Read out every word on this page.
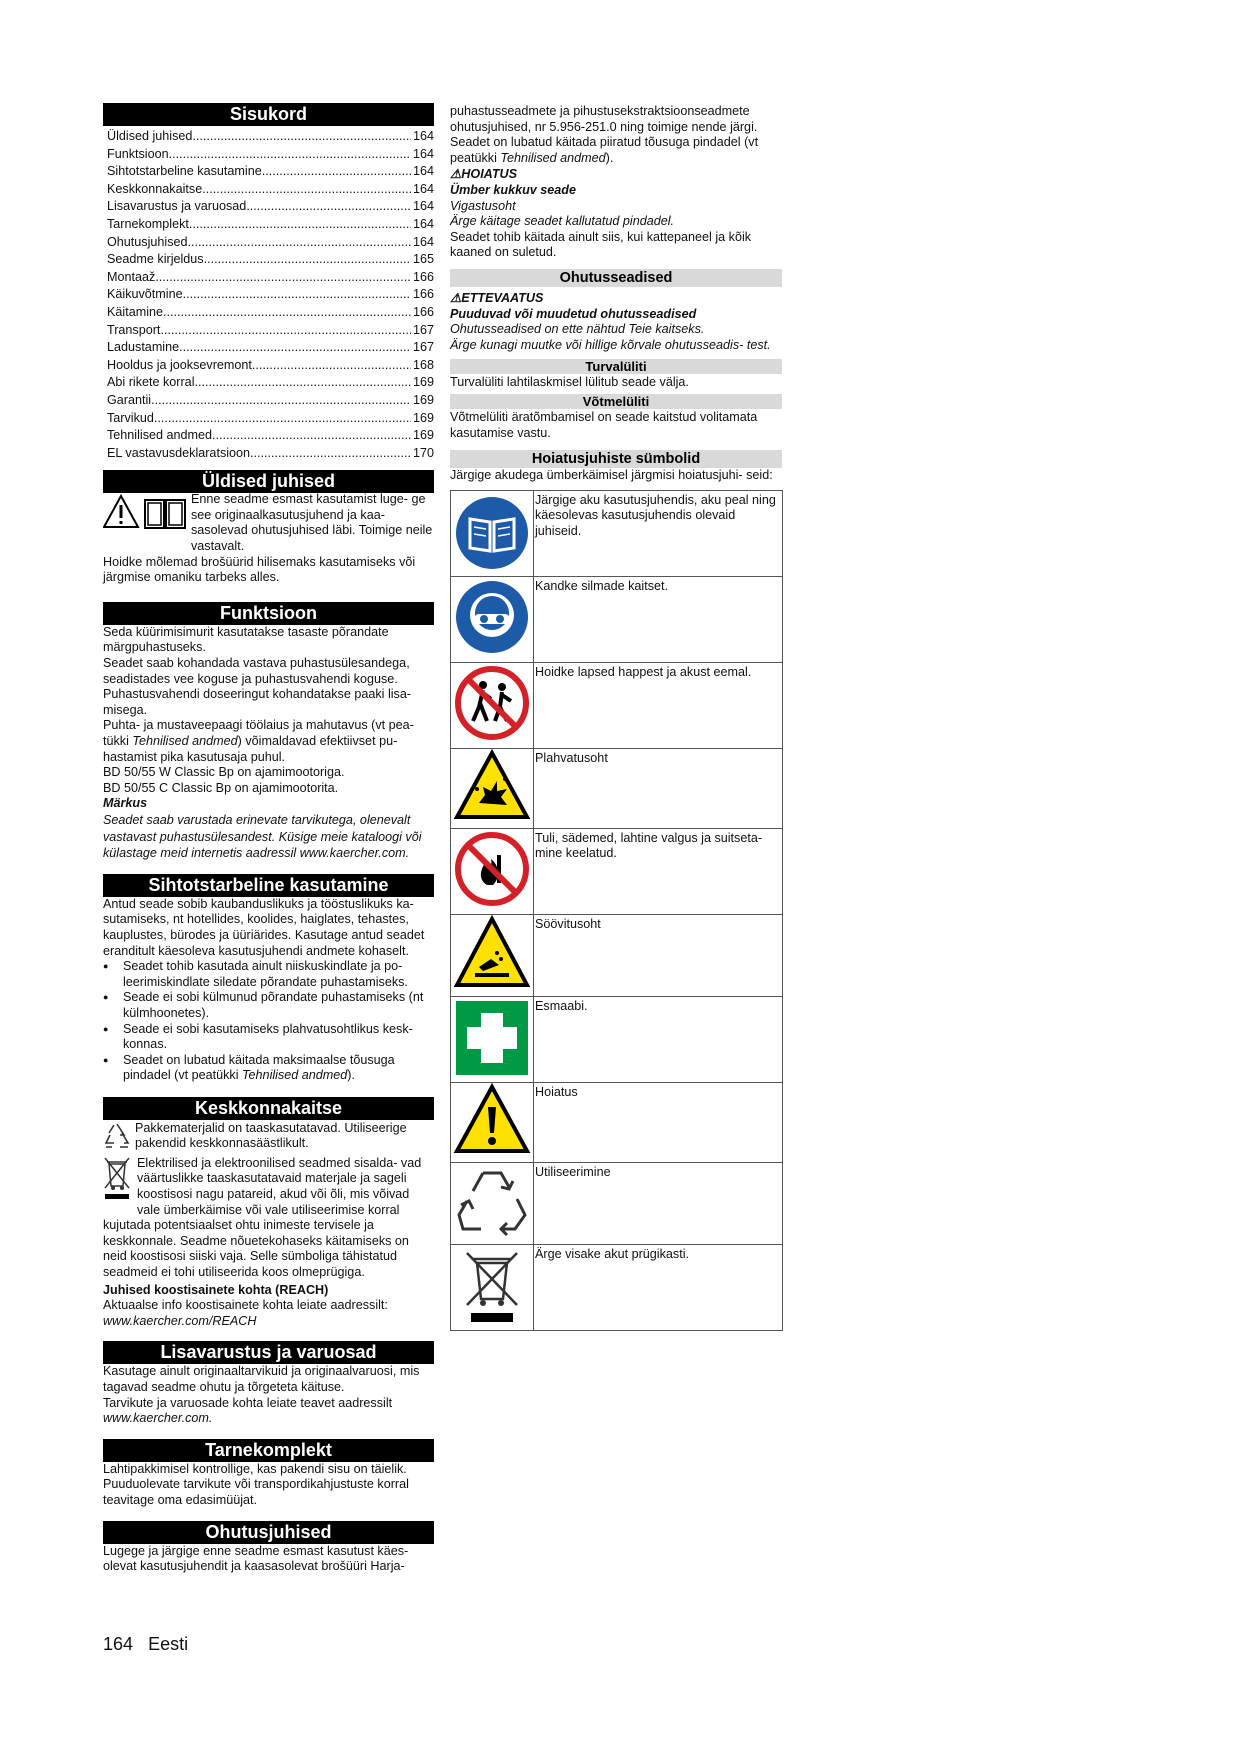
Sisukord
Üldised juhised .....	164
Funktsioon .....	164
Sihtotstarbeline kasutamine .....	164
Keskkonnakaitse .....	164
Lisavarustus ja varuosad .....	164
Tarnekomplekt .....	164
Ohutusjuhised .....	164
Seadme kirjeldus .....	165
Montaaž .....	166
Käikuvõtmine .....	166
Käitamine .....	166
Transport .....	167
Ladustamine .....	167
Hooldus ja jooksevremont .....	168
Abi rikete korral .....	169
Garantii .....	169
Tarvikud .....	169
Tehnilised andmed .....	169
EL vastavusdeklaratsioon .....	170
Üldised juhised

Enne seadme esmast kasutamist luge- ge see originaalkasutusjuhend ja kaa- sasolevad ohutusjuhised läbi. Toimige neile vastavalt.

Hoidke mõlemad brošüürid hilisemaks kasutamiseks või järgmise omaniku tarbeks alles.

Funktsioon

Seda küürimisimurit kasutatakse tasaste põrandate märgpuhastuseks.

Seadet saab kohandada vastava puhastusülesandega, seadistades vee koguse ja puhastusvahendi koguse.

Puhastusvahendi doseeringut kohandatakse paaki lisa- misega.

Puhta- ja mustaveepaagi töölaius ja mahutavus (vt pea- tükki Tehnilised andmed) võimaldavad efektiivset pu- hastamist pika kasutusaja puhul.

BD 50/55 W Classic Bp on ajamimootoriga.

BD 50/55 C Classic Bp on ajamimootorita.

Märkus

Seadet saab varustada erinevate tarvikutega, olenevalt vastavast puhastusülesandest. Küsige meie kataloogi või külastage meid internetis aadressil www.kaercher.com.

Sihtotstarbeline kasutamine

Antud seade sobib kaubanduslikuks ja tööstuslikuks ka- sutamiseks, nt hotellides, koolides, haiglates, tehastes, kauplustes, bürodes ja üüriärides. Kasutage antud seadet eranditult käesoleva kasutusjuhendi andmete kohaselt.

● Seadet tohib kasutada ainult niiskuskindlate ja po- leerimiskindlate siledate põrandate puhastamiseks.
● Seade ei sobi külmunud põrandate puhastamiseks (nt külmhoonetes).
● Seade ei sobi kasutamiseks plahvatusohtlikus kesk- konnas.
● Seadet on lubatud käitada maksimaalse tõusuga pindadel (vt peatükki Tehnilised andmed).
Keskkonnakaitse

Pakkematerjalid on taaskasutatavad. Utiliseerige pakendid keskkonnasäästlikult.

Elektrilised ja elektroonilised seadmed sisalda- vad väärtuslikke taaskasutatavaid materjale ja sageli koostisosi nagu patareid, akud või õli, mis võivad vale ümberkäimise või vale utiliseerimise korral kujutada potentsiaalset ohtu inimeste tervisele ja keskkonnale. Seadme nõuetekohaseks käitamiseks on neid koostisosi siiski vaja. Selle sümboliga tähistatud seadmeid ei tohi utiliseerida koos olmeprügiga.

Juhised koostisainete kohta (REACH)

Aktuaalse info koostisainete kohta leiate aadressilt:

www.kaercher.com/REACH

Lisavarustus ja varuosad

Kasutage ainult originaaltarvikuid ja originaalvaruosi, mis tagavad seadme ohutu ja tõrgeteta käituse.

Tarvikute ja varuosade kohta leiate teavet aadressilt

www.kaercher.com.

Tarnekomplekt

Lahtipakkimisel kontrollige, kas pakendi sisu on täielik. Puuduolevate tarvikute või transpordikahjustuste korral teavitage oma edasimüüjat.

Ohutusjuhised

Lugege ja järgige enne seadme esmast kasutust käes- olevat kasutusjuhendit ja kaasasolevat brošüüri Harja-

puhastusseadmete ja pihustusekstraktsioonseadmete ohutusjuhised, nr 5.956-251.0 ning toimige nende järgi.

Seadet on lubatud käitada piiratud tõusuga pindadel (vt peatükki Tehnilised andmed).

⚠HOIATUS

Ümber kukkuv seade

Vigastusoht

Ärge käitage seadet kallutatud pindadel.

Seadet tohib käitada ainult siis, kui kattepaneel ja kõik kaaned on suletud.

Ohutusseadised

⚠ETTEVAATUS

Puuduvad või muudetud ohutusseadised

Ohutusseadised on ette nähtud Teie kaitseks.

Ärge kunagi muutke või hillige kõrvale ohutusseadis- test.

Turvalüliti

Turvalüliti lahtilaskmisel lülitub seade välja.

Võtmelüliti

Võtmelüliti äratõmbamisel on seade kaitstud volitamata kasutamise vastu.

Hoiatusjuhiste sümbolid

Järgige akudega ümberkäimisel järgmisi hoiatusjuhi- seid:

	Järgige aku kasutusjuhendis, aku peal ning käesolevas kasutusjuhendis olevaid juhiseid.
	Kandke silmade kaitset.
	Hoidke lapsed happest ja akust eemal.
	Plahvatusoht
	Tuli, sädemed, lahtine valgus ja suitseta- mine keelatud.
	Söövitusoht
	Esmaabi.
	Hoiatus
	Utiliseerimine
	Ärge visake akut prügikasti.
164 Eesti
